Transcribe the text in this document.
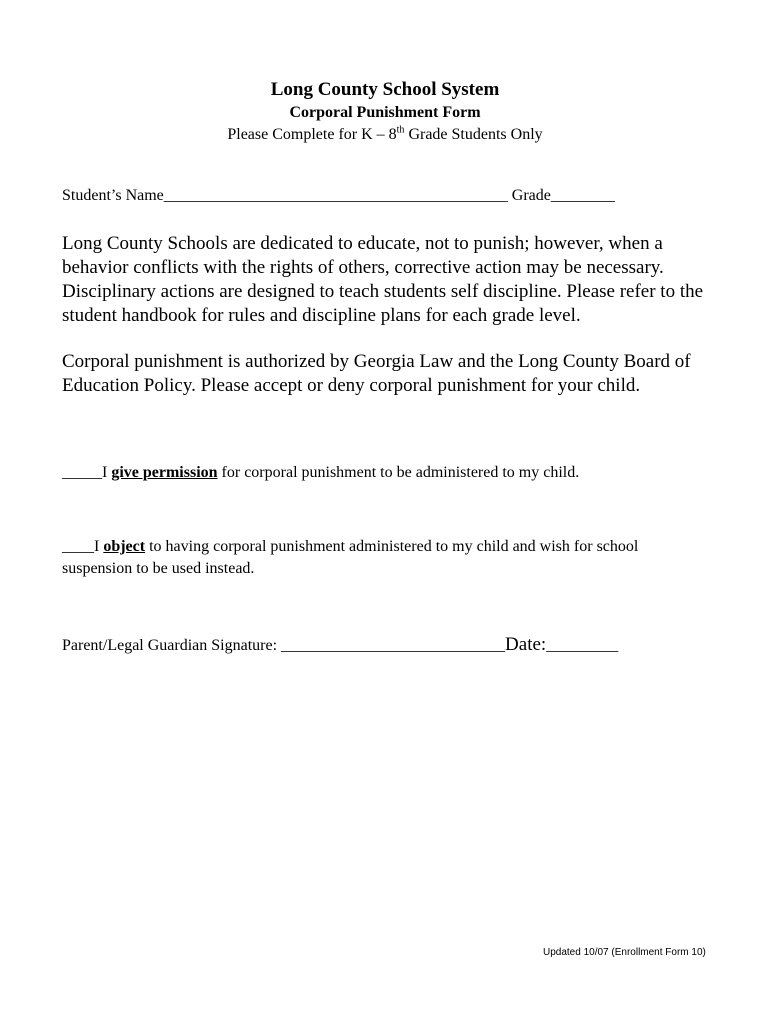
Long County School System
Corporal Punishment Form
Please Complete for K – 8th Grade Students Only
Student’s Name___________________________________________ Grade________
Long County Schools are dedicated to educate, not to punish; however, when a behavior conflicts with the rights of others, corrective action may be necessary. Disciplinary actions are designed to teach students self discipline. Please refer to the student handbook for rules and discipline plans for each grade level.
Corporal punishment is authorized by Georgia Law and the Long County Board of Education Policy. Please accept or deny corporal punishment for your child.
_____I give permission for corporal punishment to be administered to my child.
____I object to having corporal punishment administered to my child and wish for school suspension to be used instead.
Parent/Legal Guardian Signature: ____________________________Date:_________
Updated 10/07 (Enrollment Form 10)
